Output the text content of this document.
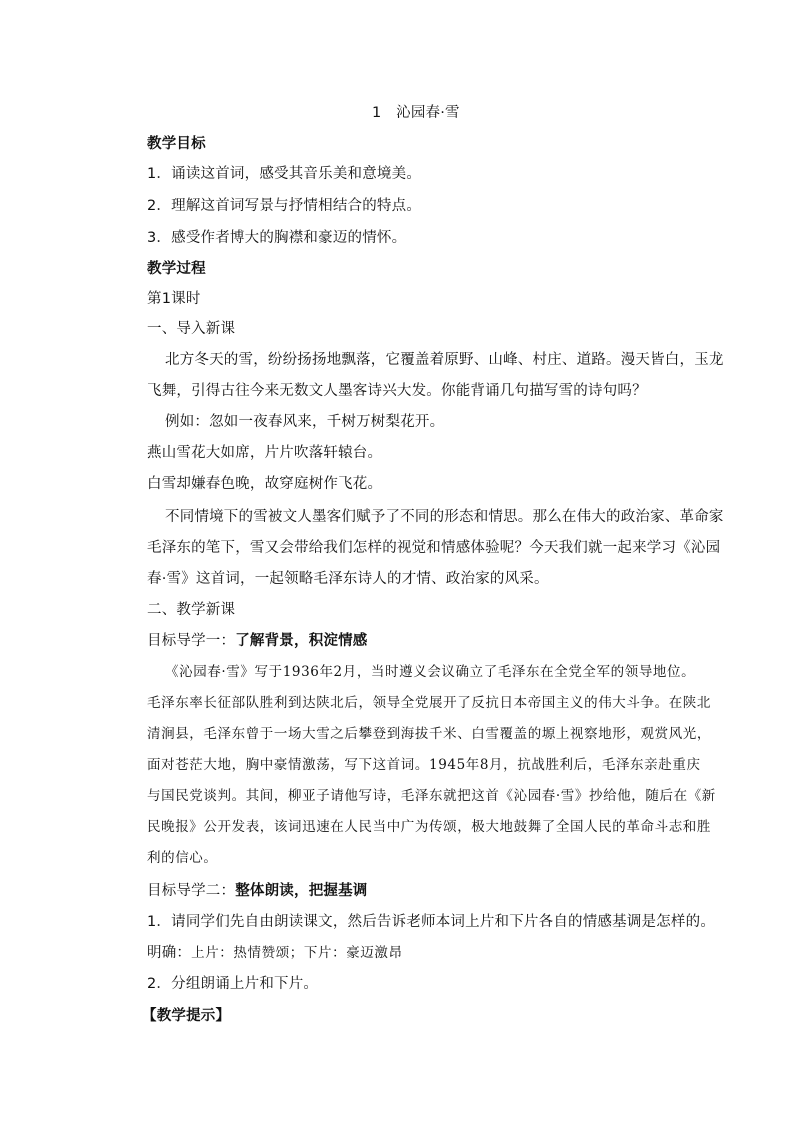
1　沁园春·雪
教学目标
1．诵读这首词，感受其音乐美和意境美。
2．理解这首词写景与抒情相结合的特点。
3．感受作者博大的胸襟和豪迈的情怀。
教学过程
第1课时
一、导入新课
北方冬天的雪，纷纷扬扬地飘落，它覆盖着原野、山峰、村庄、道路。漫天皆白，玉龙
飞舞，引得古往今来无数文人墨客诗兴大发。你能背诵几句描写雪的诗句吗？
例如：忽如一夜春风来，千树万树梨花开。
燕山雪花大如席，片片吹落轩辕台。
白雪却嫌春色晚，故穿庭树作飞花。
不同情境下的雪被文人墨客们赋予了不同的形态和情思。那么在伟大的政治家、革命家
毛泽东的笔下，雪又会带给我们怎样的视觉和情感体验呢？今天我们就一起来学习《沁园
春·雪》这首词，一起领略毛泽东诗人的才情、政治家的风采。
二、教学新课
目标导学一：了解背景，积淀情感
《沁园春·雪》写于1936年2月，当时遵义会议确立了毛泽东在全党全军的领导地位。
毛泽东率长征部队胜利到达陕北后，领导全党展开了反抗日本帝国主义的伟大斗争。在陕北
清涧县，毛泽东曾于一场大雪之后攀登到海拔千米、白雪覆盖的塬上视察地形，观赏风光，
面对苍茫大地，胸中豪情激荡，写下这首词。1945年8月，抗战胜利后，毛泽东亲赴重庆
与国民党谈判。其间，柳亚子请他写诗，毛泽东就把这首《沁园春·雪》抄给他，随后在《新
民晚报》公开发表，该词迅速在人民当中广为传颂，极大地鼓舞了全国人民的革命斗志和胜
利的信心。
目标导学二：整体朗读，把握基调
1．请同学们先自由朗读课文，然后告诉老师本词上片和下片各自的情感基调是怎样的。
明确：上片：热情赞颂；下片：豪迈激昂
2．分组朗诵上片和下片。
【教学提示】
